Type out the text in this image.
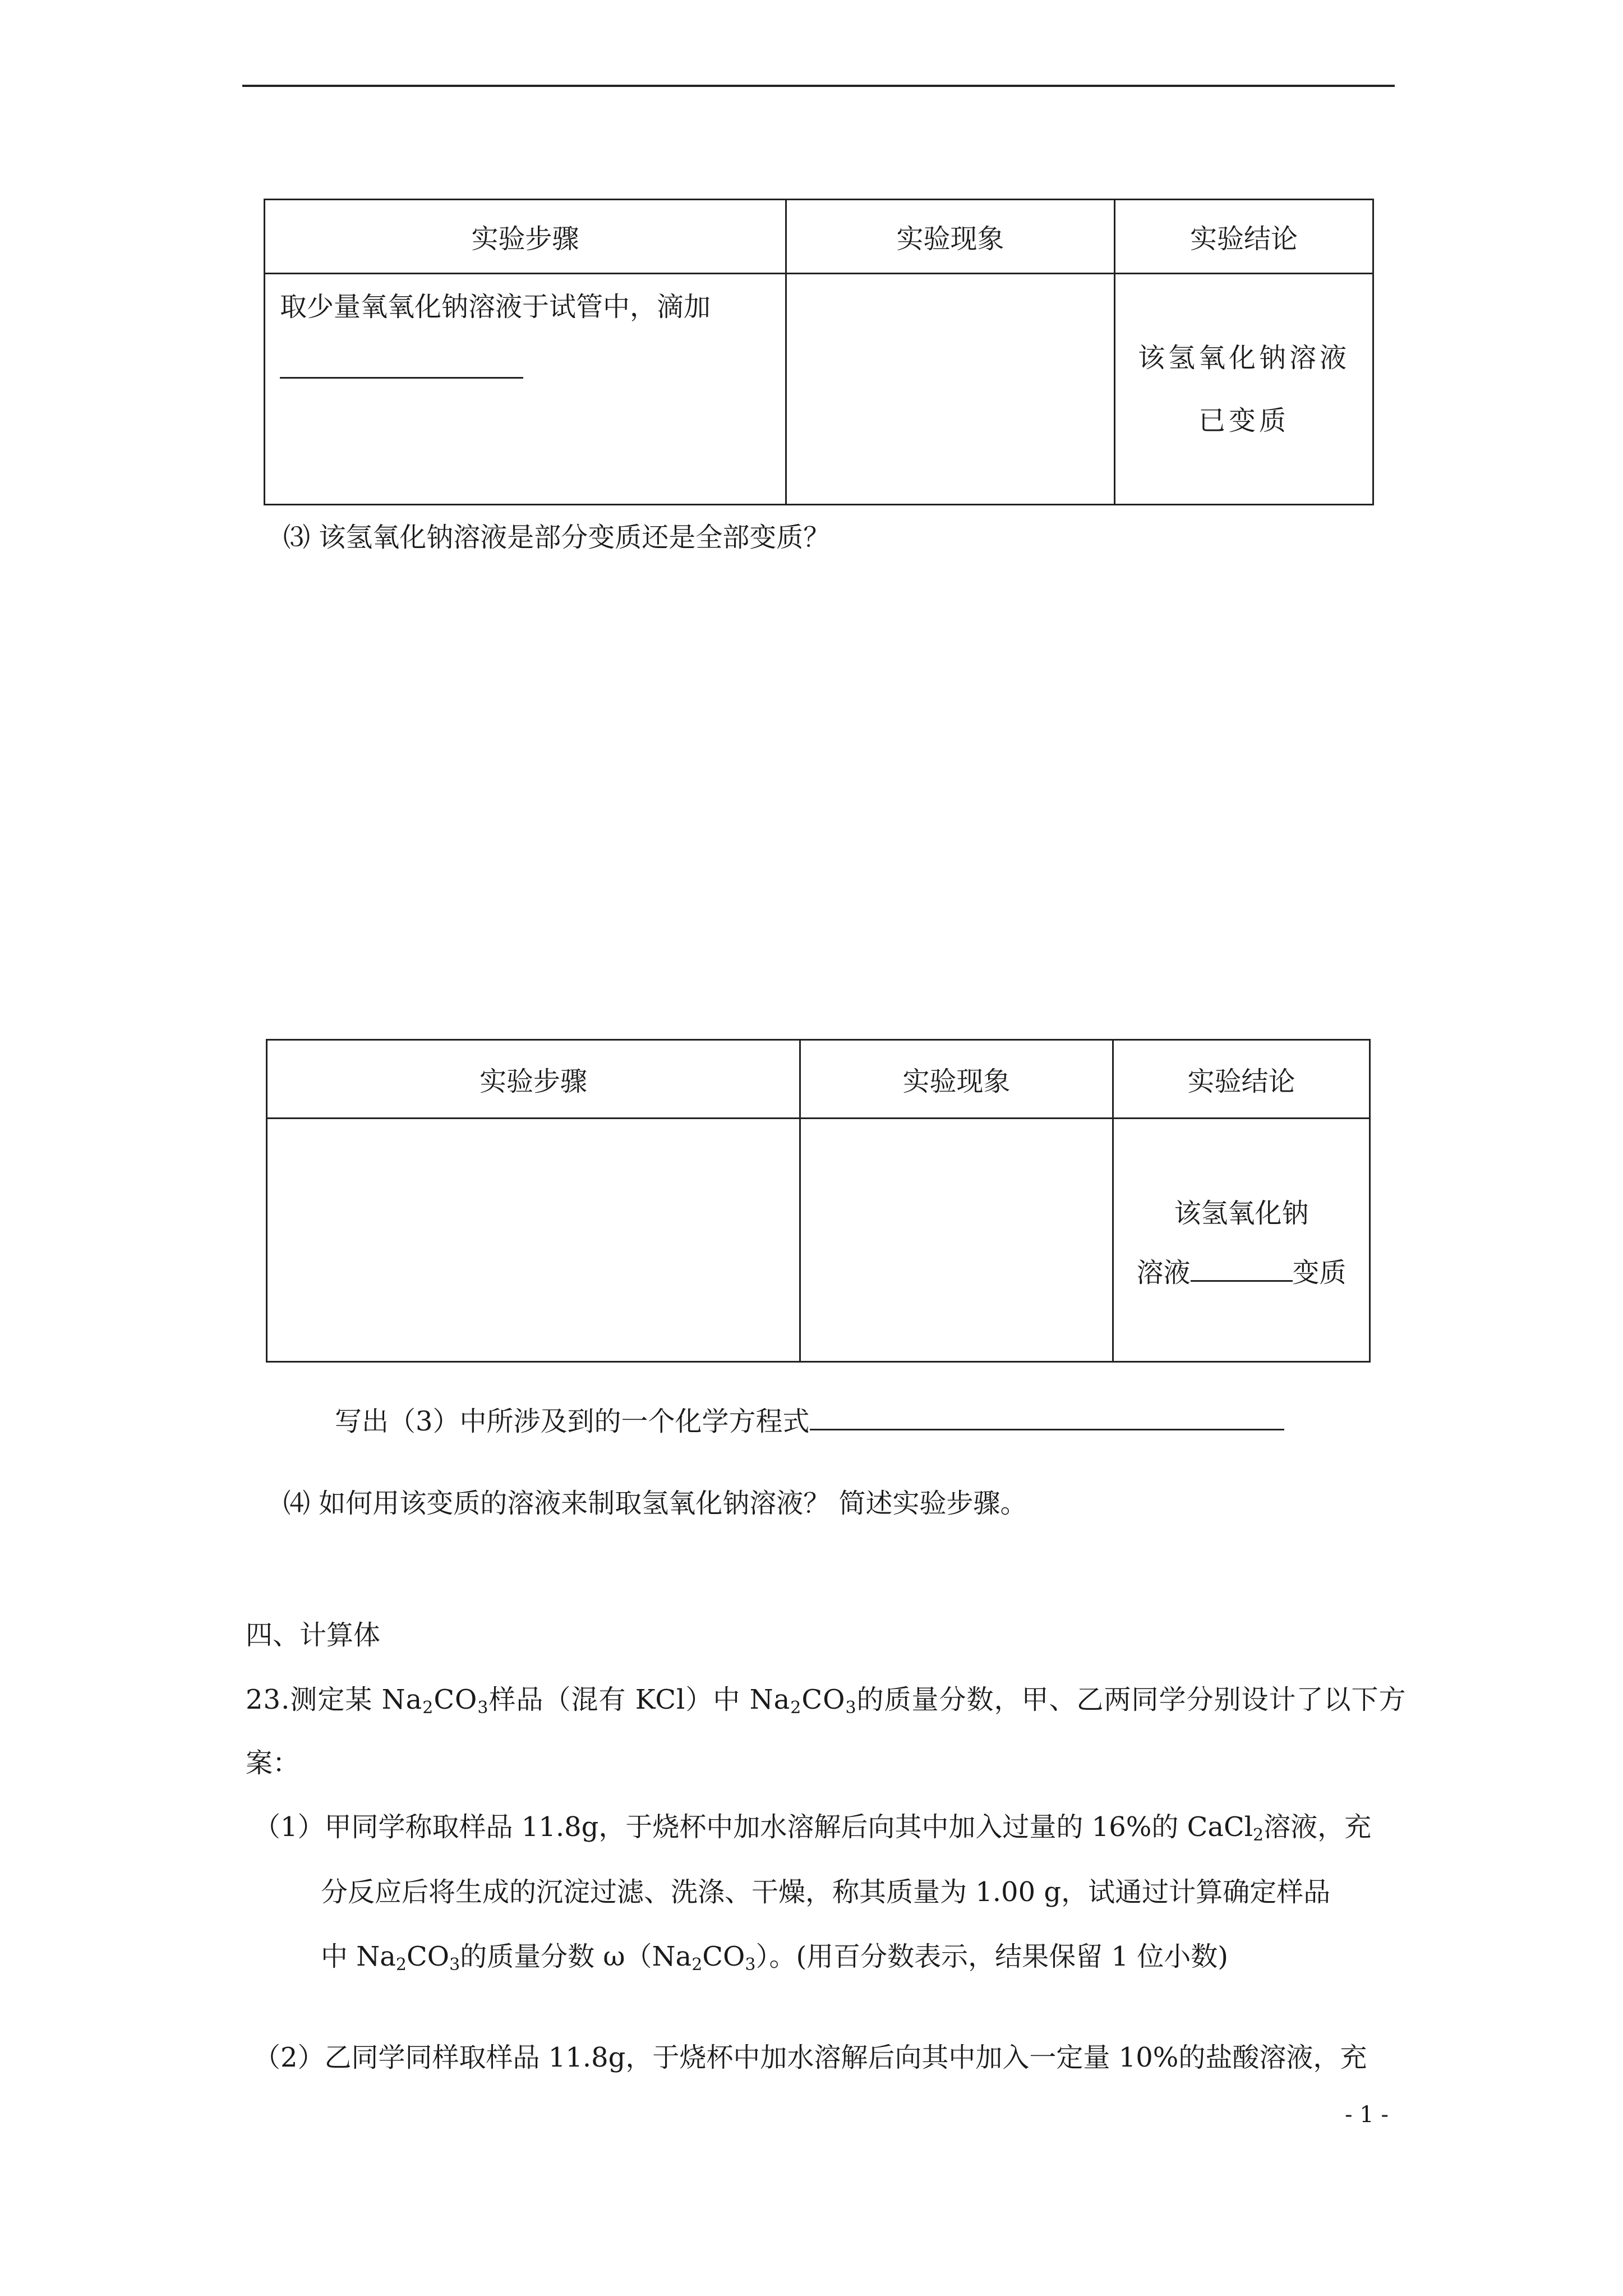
实验步骤	实验现象	实验结论

取少量氧氧化钠溶液于试管中，滴加		该氢氧化钠溶液
已变质
⑶ 该氢氧化钠溶液是部分变质还是全部变质？
实验步骤	实验现象	实验结论

		该氢氧化钠
溶液 变质
写出（3）中所涉及到的一个化学方程式
⑷ 如何用该变质的溶液来制取氢氧化钠溶液？ 简述实验步骤。
四、计算体
23.测定某 $Na_2CO_3$样品（混有 KCl）中 $Na_2CO_3$的质量分数，甲、乙两同学分别设计了以下方
案：
（1）甲同学称取样品 11.8g，于烧杯中加水溶解后向其中加入过量的 16%的 CaCl$_2$溶液，充
分反应后将生成的沉淀过滤、洗涤、干燥，称其质量为 1.00 g，试通过计算确定样品
中 $Na_2CO_3$的质量分数 $\omega(Na_2CO_3)$。(用百分数表示，结果保留 1 位小数)
（2）乙同学同样取样品 11.8g，于烧杯中加水溶解后向其中加入一定量 10%的盐酸溶液，充
- 1 -
